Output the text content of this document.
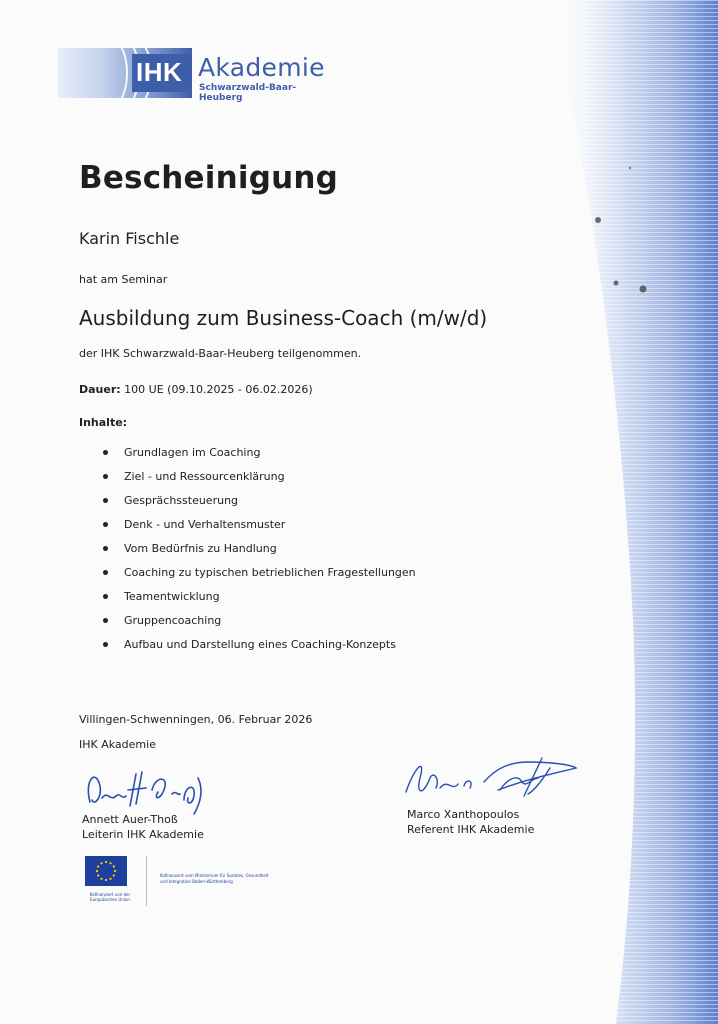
IHK Akademie
Schwarzwald-Baar-Heuberg
Bescheinigung
Karin Fischle
hat am Seminar
Ausbildung zum Business-Coach (m/w/d)
der IHK Schwarzwald-Baar-Heuberg teilgenommen.
Dauer: 100 UE (09.10.2025 - 06.02.2026)
Inhalte:
Grundlagen im Coaching
Ziel - und Ressourcenklärung
Gesprächssteuerung
Denk - und Verhaltensmuster
Vom Bedürfnis zu Handlung
Coaching zu typischen betrieblichen Fragestellungen
Teamentwicklung
Gruppencoaching
Aufbau und Darstellung eines Coaching-Konzepts
Villingen-Schwenningen, 06. Februar 2026
IHK Akademie
Annett Auer-Thoß
Leiterin IHK Akademie
Marco Xanthopoulos
Referent IHK Akademie
Kofinanziert von der Europäischen Union
Kofinanziert vom Ministerium für Soziales, Gesundheit und Integration Baden-Württemberg
